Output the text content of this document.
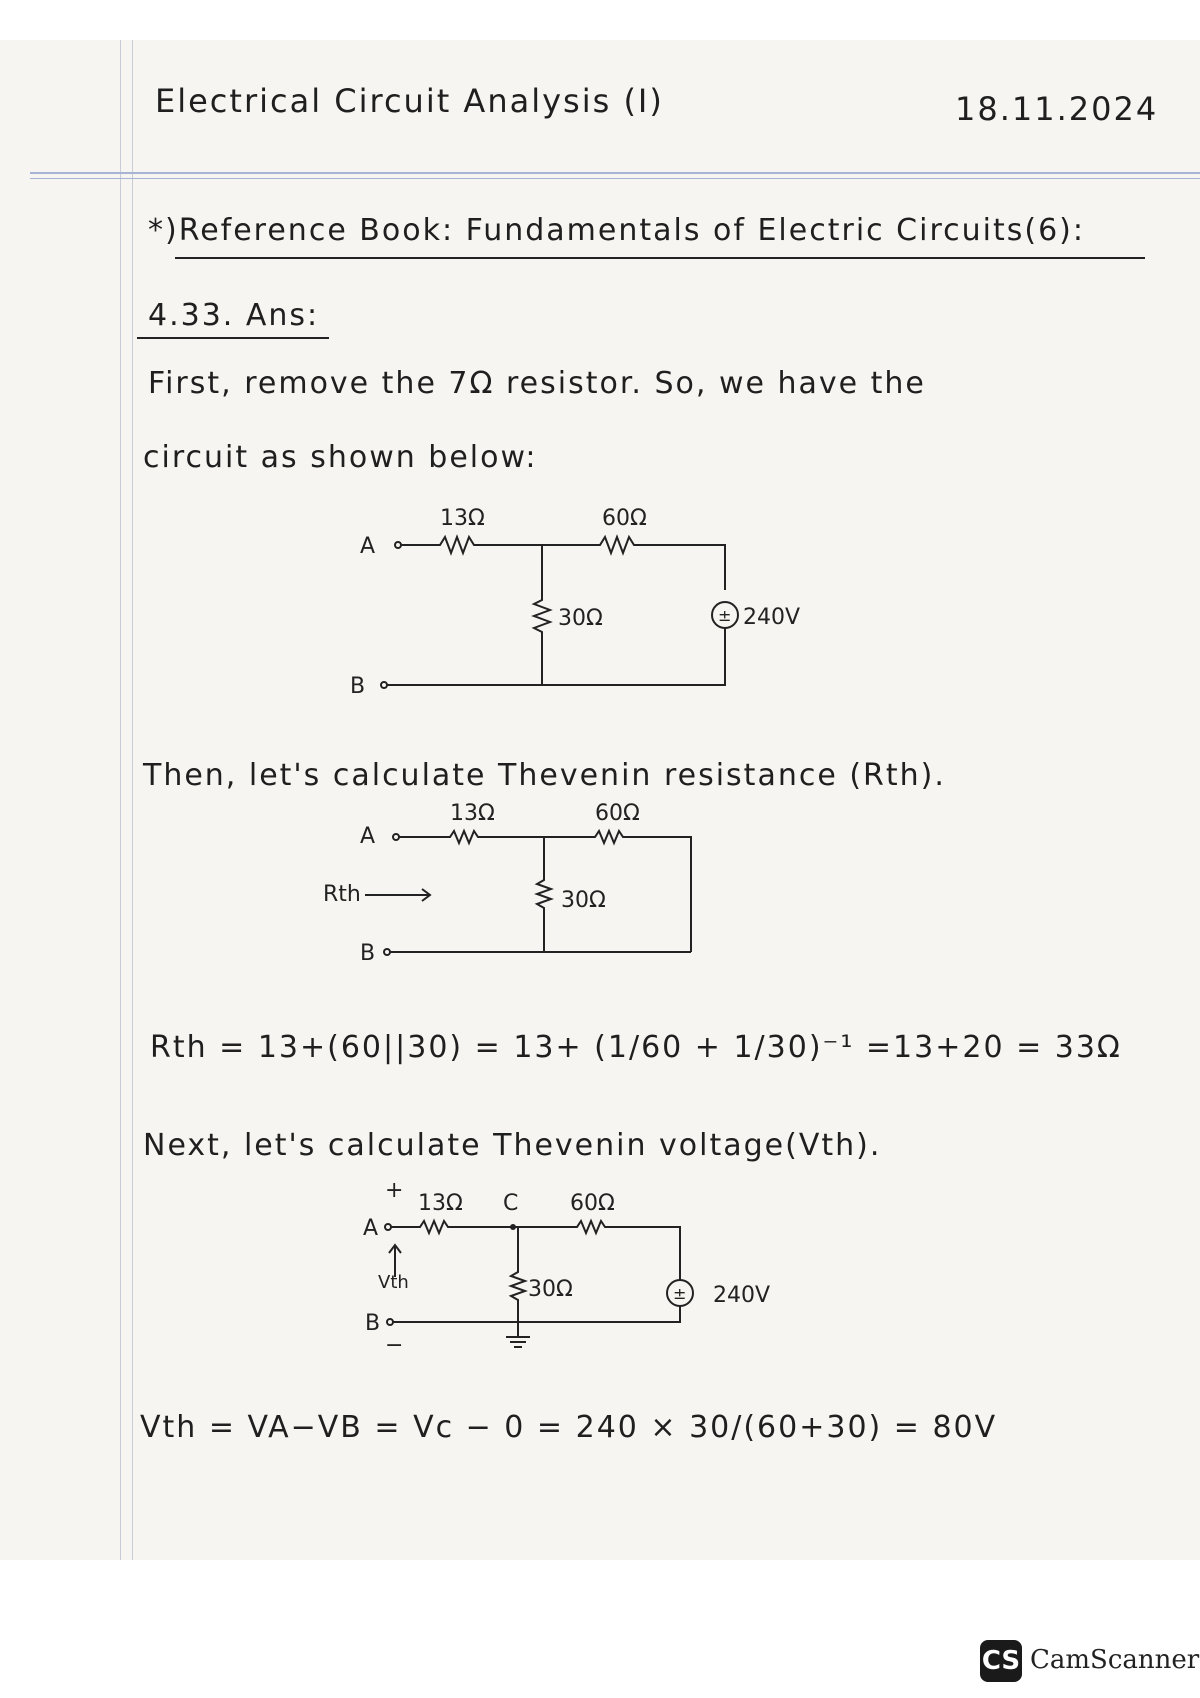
Electrical Circuit Analysis (I)	18.11.2024
*)Reference Book: Fundamentals of Electric Circuits(6):
4.33. Ans:
First, remove the 7Ω resistor. So, we have the
circuit as shown below:
A
13Ω	60Ω
30Ω	± 240V
B
Then, let's calculate Thevenin resistance (Rth).
A
13Ω	60Ω
30Ω
B
Rth
Rth = 13+(60||30) = 13+ (1/60 + 1/30)⁻¹ =13+20 = 33Ω
Next, let's calculate Thevenin voltage(Vth).
+
A
13Ω C 60Ω
30Ω	± 240V
B
−
Vth
Vth = VA−VB = Vc − 0 = 240 × 30/(60+30) = 80V
CS CamScanner
